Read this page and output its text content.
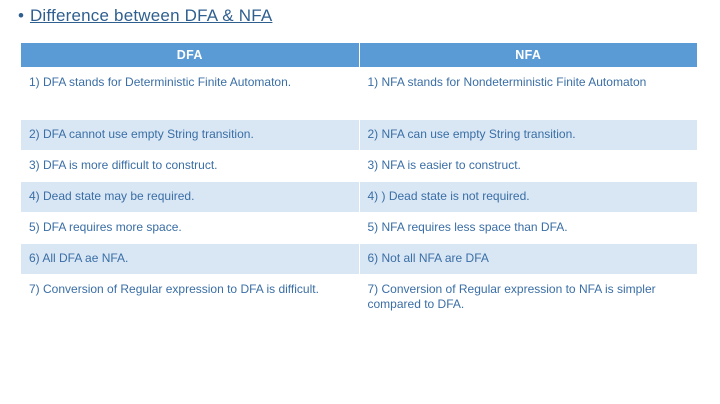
• Difference between DFA & NFA
DFA	NFA
1) DFA stands for Deterministic Finite Automaton.	1) NFA stands for Nondeterministic Finite Automaton
2) DFA cannot use empty String transition.	2) NFA can use empty String transition.
3) DFA is more difficult to construct.	3) NFA is easier to construct.
4) Dead state may be required.	4) ) Dead state is not required.
5) DFA requires more space.	5) NFA requires less space than DFA.
6) All DFA ae NFA.	6) Not all NFA are DFA
7) Conversion of Regular expression to DFA is difficult.	7) Conversion of Regular expression to NFA is simpler compared to DFA.
